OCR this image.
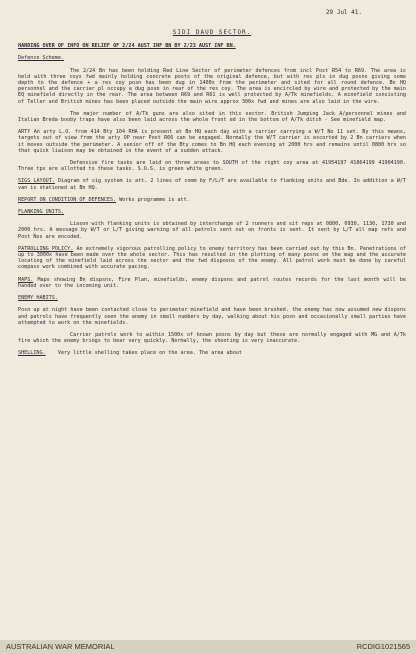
29 Jul 41.
SIDI DAUD SECTOR.
HANDING OVER OF INFO ON RELIEF OF 2/24 AUST INF BN BY 2/23 AUST INF BN.

Defence Scheme.

The 2/24 Bn has been holding Red Line Sector of perimeter defences from incl Post R54 to R69. The area is held with three coys fwd mainly holding concrete posts of the original defence, but with res pls in dug posns giving some depth to the defence + a res coy posn has been dug in 1400x from the perimeter and sited for all round defence. Bn HQ personnel and the carrier pl occupy a dug posn in rear of the res coy. The area is encircled by wire and protected by the main EQ minefield directly in the rear. The area between R69 and R61 is well protected by A/Tk minefields. A minefield consisting of Teller and British mines has been placed outside the main wire approx 300x fwd and mines are also laid in the wire.

The major number of A/Tk guns are also sited in this sector. British Jumping Jack A/personnel mines and Italian Breda booby traps have also been laid across the whole front ed in the bottom of A/Tk ditch - See minefield map.

ARTY An arty L.O. from 414 Bty 104 RHA is present at Bn HQ each day with a carrier carrying a W/T No 11 set. By this means, targets out of view from the arty OP near Post R66 can be engaged. Normally the W/T carrier is escorted by 2 Bn carriers when it moves outside the perimeter. A senior off of the Bty comes to Bn HQ each evening at 2000 hrs and remains until 0800 hrs so that quick liaison may be obtained in the event of a sudden attack.

Defensive fire tasks are laid on three areas to SOUTH of the right coy area at 41954197 41864199 41904190. Three tps are allotted to these tasks. S.O.S. is green white green.

SIGS LAYOUT. Diagram of sig system is att. 2 lines of comm by F/L/T are available to flanking units and Bde. In addition a W/T van is stationed at Bn HQ.

REPORT ON CONDITION OF DEFENCES. Works programme is att.

FLANKING UNITS.

Liason with flanking units is obtained by interchange of 2 runners and sit reps at 0800, 0930, 1130, 1730 and 2000 hrs. A message by W/T or L/T giving warning of all patrols sent out on fronts is sent. It sent by L/T all map refs and Post Nos are encoded.

PATROLLING POLICY. An extremely vigorous patrolling policy to enemy territory has been carried out by this Bn. Penetrations of up to 3000x have been made over the whole sector. This has resulted in the plotting of many posns on the map and the accurate locating of the minefield laid across the sector and the fwd disposns of the enemy. All patrol work must be done by careful compass work combined with accurate pacing.

MAPS. Maps showing Bn dispsns, Fire Plan, minefields, enemy dispsns and patrol routes records for the last month will be handed over to the incoming unit.

ENEMY HABITS.

Posn up at night have been contacted close to perimeter minefield and have been brushed. the enemy has now assumed new dispsns and patrols have frequently seen the enemy in small numbers by day, walking about his posn and occasionally small parties have attempted to work on the minefields.

Carrier patrols work to within 1500x of known posns by day but these are normally engaged with MG and A/Tk fire which the enemy brings to bear very quickly. Normally, the shooting is very inaccurate.

SHELLING. Very little shelling takes place on the area. The area about

AUSTRALIAN WAR MEMORIAL	RCDIG1021565
